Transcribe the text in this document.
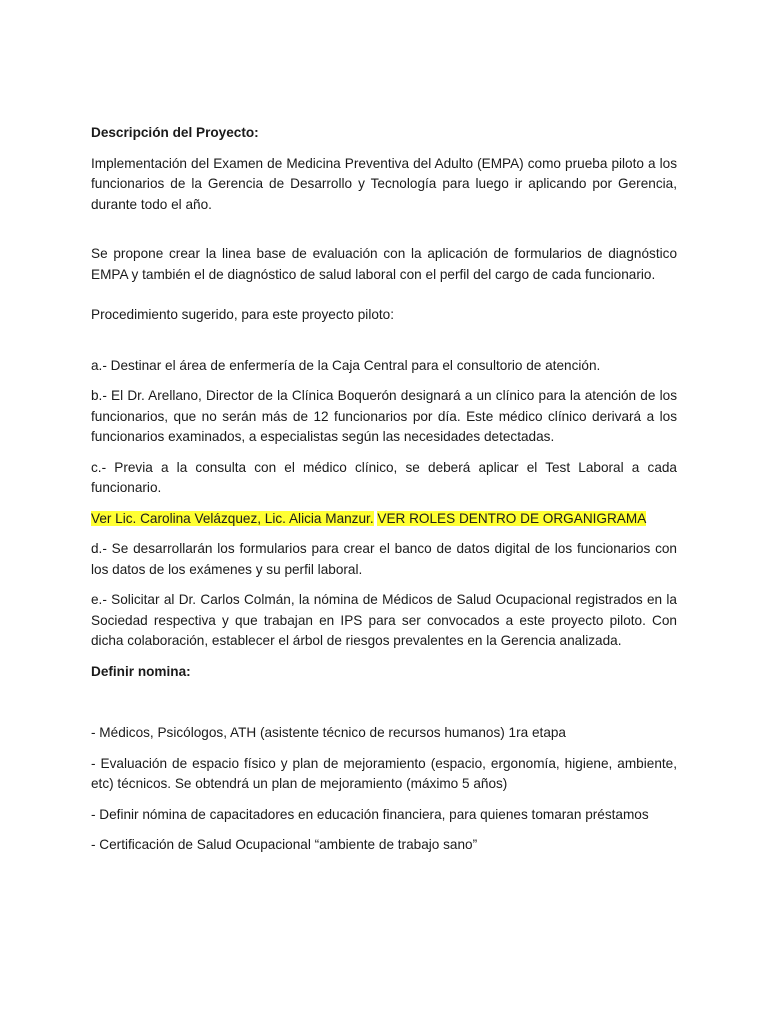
Descripción del Proyecto:

Implementación del Examen de Medicina Preventiva del Adulto (EMPA) como prueba piloto a los funcionarios de la Gerencia de Desarrollo y Tecnología para luego ir aplicando por Gerencia, durante todo el año.

Se propone crear la linea base de evaluación con la aplicación de formularios de diagnóstico EMPA y también el de diagnóstico de salud laboral con el perfil del cargo de cada funcionario.

Procedimiento sugerido, para este proyecto piloto:

a.- Destinar el área de enfermería de la Caja Central para el consultorio de atención.

b.- El Dr. Arellano, Director de la Clínica Boquerón designará a un clínico para la atención de los funcionarios, que no serán más de 12 funcionarios por día. Este médico clínico derivará a los funcionarios examinados, a especialistas según las necesidades detectadas.

c.- Previa a la consulta con el médico clínico, se deberá aplicar el Test Laboral a cada funcionario.

Ver Lic. Carolina Velázquez, Lic. Alicia Manzur. VER ROLES DENTRO DE ORGANIGRAMA

d.- Se desarrollarán los formularios para crear el banco de datos digital de los funcionarios con los datos de los exámenes y su perfil laboral.

e.- Solicitar al Dr. Carlos Colmán, la nómina de Médicos de Salud Ocupacional registrados en la Sociedad respectiva y que trabajan en IPS para ser convocados a este proyecto piloto. Con dicha colaboración, establecer el árbol de riesgos prevalentes en la Gerencia analizada.

Definir nomina:

- Médicos, Psicólogos, ATH (asistente técnico de recursos humanos) 1ra etapa

- Evaluación de espacio físico y plan de mejoramiento (espacio, ergonomía, higiene, ambiente, etc) técnicos. Se obtendrá un plan de mejoramiento (máximo 5 años)

- Definir nómina de capacitadores en educación financiera, para quienes tomaran préstamos

- Certificación de Salud Ocupacional “ambiente de trabajo sano”
